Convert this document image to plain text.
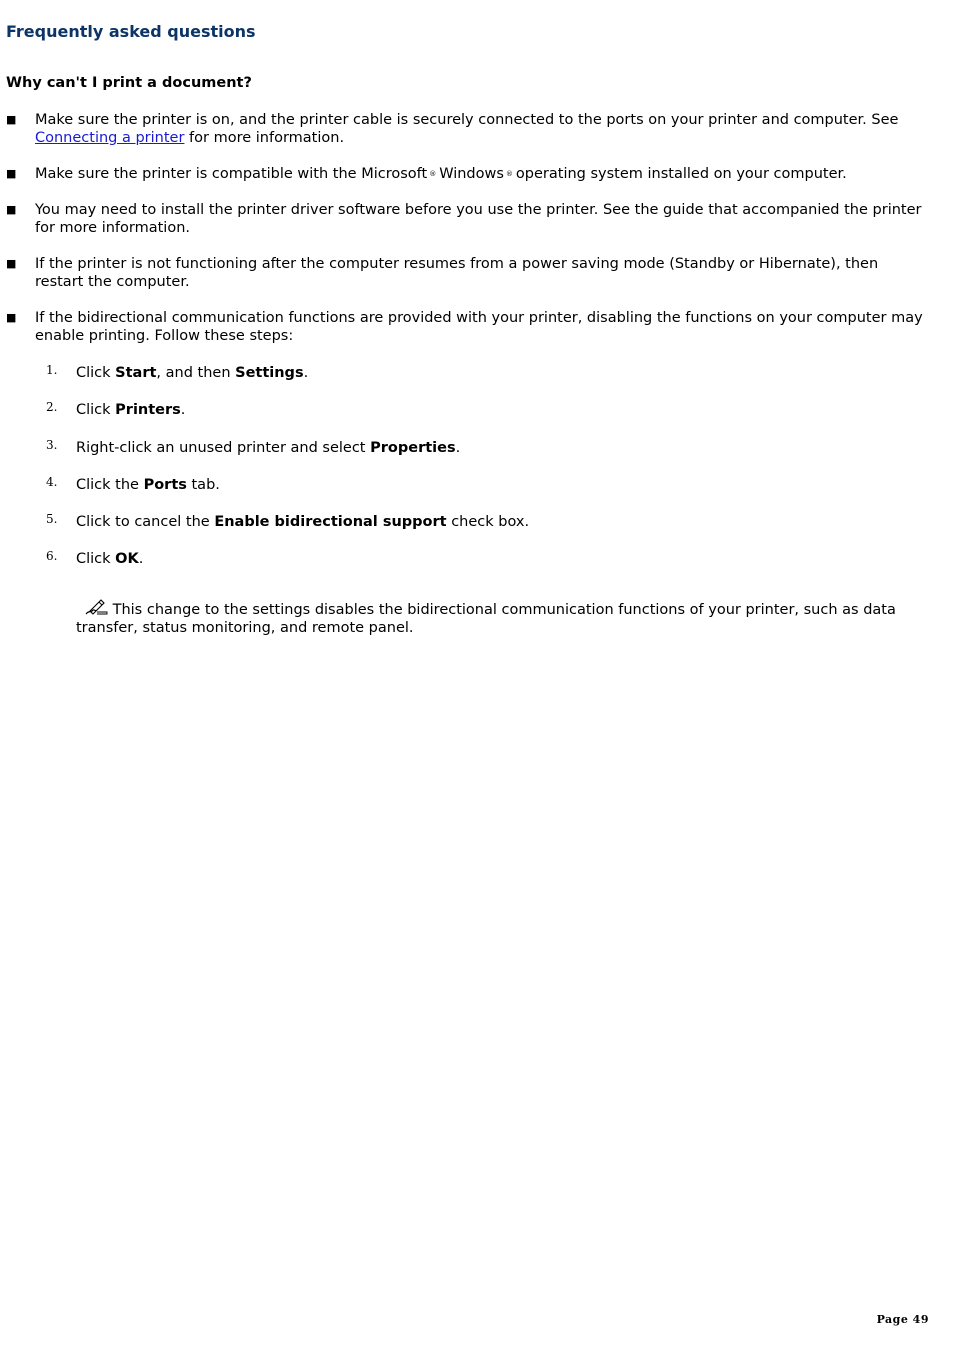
Frequently asked questions
Why can't I print a document?
■ Make sure the printer is on, and the printer cable is securely connected to the ports on your printer and computer. See Connecting a printer for more information.
■ Make sure the printer is compatible with the Microsoft ® Windows ® operating system installed on your computer.
■ You may need to install the printer driver software before you use the printer. See the guide that accompanied the printer for more information.
■ If the printer is not functioning after the computer resumes from a power saving mode (Standby or Hibernate), then restart the computer.
■ If the bidirectional communication functions are provided with your printer, disabling the functions on your computer may enable printing. Follow these steps:
1. Click Start, and then Settings.
2. Click Printers.
3. Right-click an unused printer and select Properties.
4. Click the Ports tab.
5. Click to cancel the Enable bidirectional support check box.
6. Click OK.
This change to the settings disables the bidirectional communication functions of your printer, such as data transfer, status monitoring, and remote panel.
Page 49
